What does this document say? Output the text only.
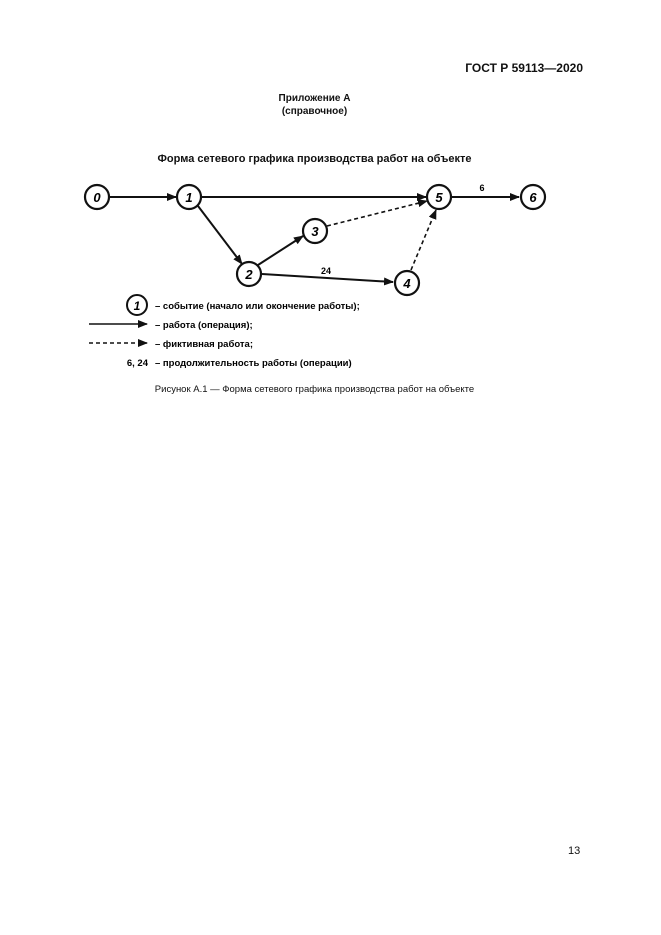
ГОСТ Р 59113—2020
Приложение А
(справочное)
Форма сетевого графика производства работ на объекте
0	1
2
3
4
5	6
6
24
1 – событие (начало или окончение работы);
– работа (операция);
– фиктивная работа;
6, 24 – продолжительность работы (операции)
Рисунок А.1 — Форма сетевого графика производства работ на объекте
13
